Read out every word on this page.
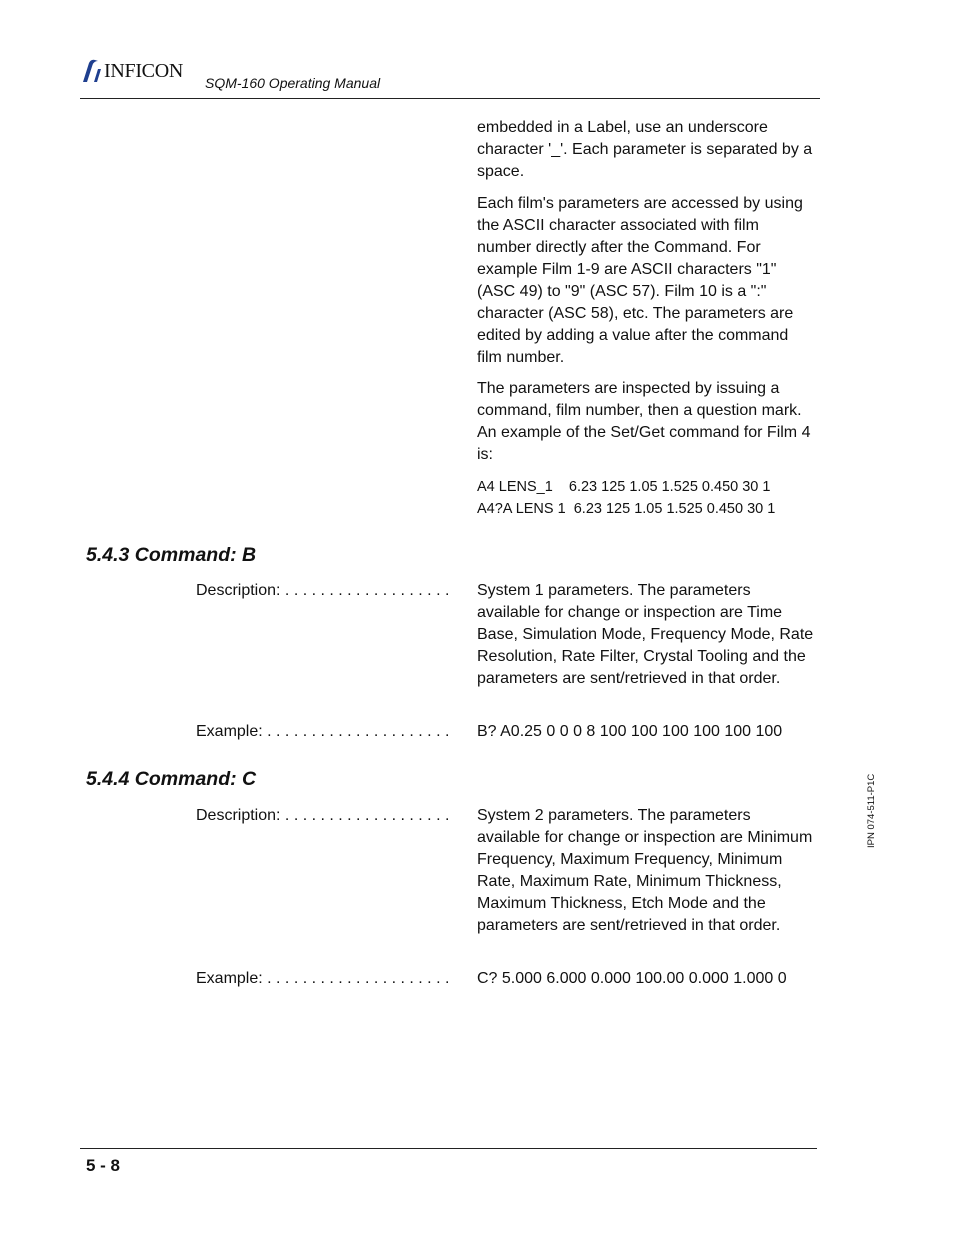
INFICON
SQM-160 Operating Manual

embedded in a Label, use an underscore character '_'. Each parameter is separated by a space.

Each film's parameters are accessed by using the ASCII character associated with film number directly after the Command. For example Film 1-9 are ASCII characters "1" (ASC 49) to "9" (ASC 57). Film 10 is a ":" character (ASC 58), etc. The parameters are edited by adding a value after the command film number.

The parameters are inspected by issuing a command, film number, then a question mark. An example of the Set/Get command for Film 4 is:

A4 LENS_1    6.23 125 1.05 1.525 0.450 30 1
A4?A LENS 1  6.23 125 1.05 1.525 0.450 30 1
5.4.3 Command: B
Description: . . . . . . . . . . . . . . . . . . .	System 1 parameters. The parameters available for change or inspection are Time Base, Simulation Mode, Frequency Mode, Rate Resolution, Rate Filter, Crystal Tooling and the parameters are sent/retrieved in that order.
Example: . . . . . . . . . . . . . . . . . . . . .	B? A0.25 0 0 0 8 100 100 100 100 100 100
5.4.4 Command: C
Description: . . . . . . . . . . . . . . . . . . .	System 2 parameters. The parameters available for change or inspection are Minimum Frequency, Maximum Frequency, Minimum Rate, Maximum Rate, Minimum Thickness, Maximum Thickness, Etch Mode and the parameters are sent/retrieved in that order.
Example: . . . . . . . . . . . . . . . . . . . . .	C? 5.000 6.000 0.000 100.00 0.000 1.000 0
IPN 074-511-P1C
5 - 8
